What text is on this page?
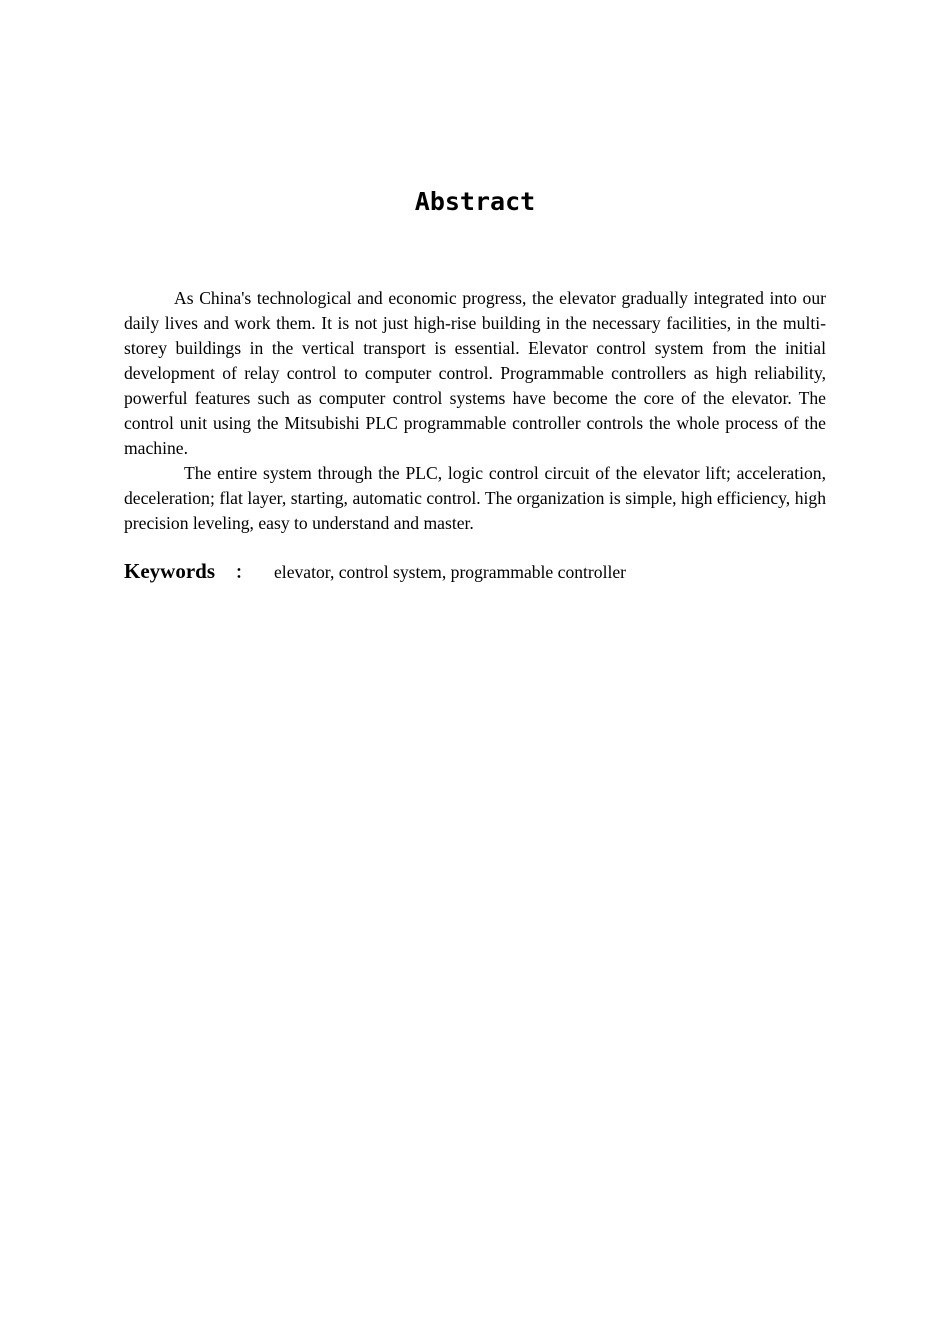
Abstract

As China's technological and economic progress, the elevator gradually integrated into our daily lives and work them. It is not just high-rise building in the necessary facilities, in the multi-storey buildings in the vertical transport is essential. Elevator control system from the initial development of relay control to computer control. Programmable controllers as high reliability, powerful features such as computer control systems have become the core of the elevator. The control unit using the Mitsubishi PLC programmable controller controls the whole process of the machine.

The entire system through the PLC, logic control circuit of the elevator lift; acceleration, deceleration; flat layer, starting, automatic control. The organization is simple, high efficiency, high precision leveling, easy to understand and master.

Keywords ： elevator, control system, programmable controller
